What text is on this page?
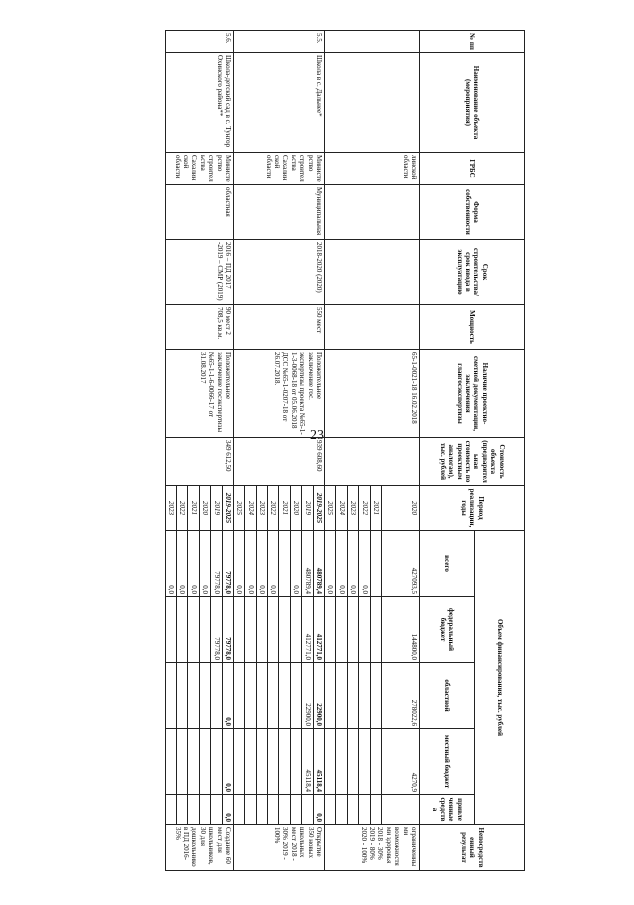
23
№ пп	Наименование объекта (мероприятия)	ГРБС	Форма собственности	Срок строительства/ срок ввода в эксплуатацию	Мощность	Наличие проектно-сметной документации, заключения главгосэкспертизы	Стоимость объекта (предварительная стоимость по проектным аналогам), тыс. рублей	Период реализации, годы	Объем финансирования, тыс. рублей					Непосредственный результат
									всего	федеральный бюджет	областной	местный бюджет	привлеченные средства	
		линской области				65-1-0021-18 16.02.2018		2020	427093,5	144800,0	278022,6	4270,9		ограниченными возможностями здоровья 2018 - 30% 2019 - 80% 2020 - 100%
								2021						
								2022	0,0					
								2023	0,0					
								2024	0,0					
								2025	0,0					
5.5.	Школа в с. Дальнее*	Министерство строительства Сахалинской области	Муниципальная	2018-2020 (2020)	550 мест	Положительное заключение гос. экспертизы проекта №65-1-1-3-0068-18 от 05.06.2018 ДСС №65-1-0207-18 от 26.07.2018.	939 608,60	2019-2025	480789,4	412771,0	22900,0	45118,4	0,0	Открытие 350 новых школьных мест 2018 - 30% 2019 - 100%
								2019	480789,4	412771,0	22900,0	45118,4		
								2020	0,0					
								2021						
								2022	0,0					
								2023	0,0					
								2024	0,0					
								2025	0,0					
5.6.	Школа-детский сад в с. Тунгор Охинского района**	Министерство строительства Сахалинской области	областная	2016 – ПД 2017 -2019 – СМР (2019)	90 мест 2 708,5 кв.м.	Положительное заключение госэкспертизы №65-1-1-6-0066-17 от 31.08.2017	349 612,50	2019-2025	79778,0	79778,0	0,0	0,0	0,0	Создание 60 мест для школьников, 30 для дошкольников ПД 2016-35%
								2019	79778,0	79778,0				
								2020	0,0					
								2021	0,0					
								2022	0,0					
								2023	0,0					
